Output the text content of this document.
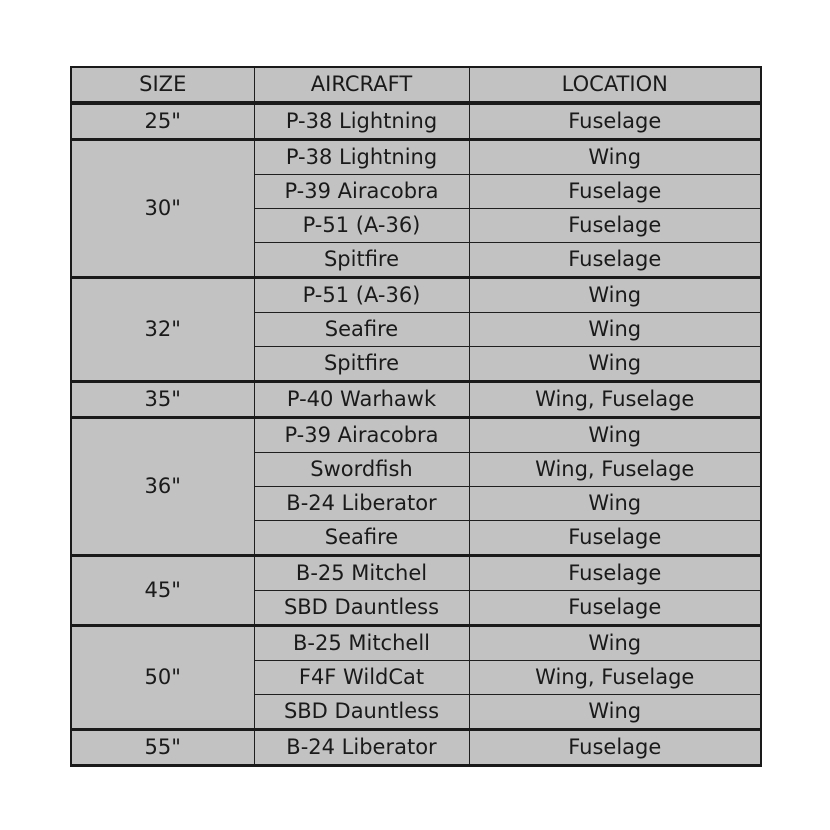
SIZE	AIRCRAFT	LOCATION
25"	P-38 Lightning	Fuselage
30"	P-38 Lightning	Wing
	P-39 Airacobra	Fuselage
	P-51 (A-36)	Fuselage
	Spitfire	Fuselage
32"	P-51 (A-36)	Wing
	Seafire	Wing
	Spitfire	Wing
35"	P-40 Warhawk	Wing, Fuselage
36"	P-39 Airacobra	Wing
	Swordfish	Wing, Fuselage
	B-24 Liberator	Wing
	Seafire	Fuselage
45"	B-25 Mitchel	Fuselage
	SBD Dauntless	Fuselage
50"	B-25 Mitchell	Wing
	F4F WildCat	Wing, Fuselage
	SBD Dauntless	Wing
55"	B-24 Liberator	Fuselage
